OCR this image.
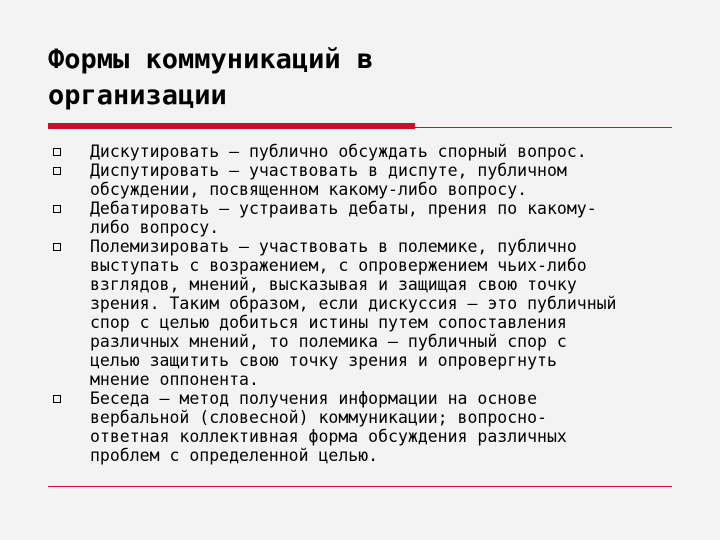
Формы коммуникаций в
организации
Дискутировать — публично обсуждать спорный вопрос.
Диспутировать — участвовать в диспуте, публичном
обсуждении, посвященном какому-либо вопросу.
Дебатировать — устраивать дебаты, прения по какому-
либо вопросу.
Полемизировать — участвовать в полемике, публично
выступать с возражением, с опровержением чьих-либо
взглядов, мнений, высказывая и защищая свою точку
зрения. Таким образом, если дискуссия — это публичный
спор с целью добиться истины путем сопоставления
различных мнений, то полемика — публичный спор с
целью защитить свою точку зрения и опровергнуть
мнение оппонента.
Беседа — метод получения информации на основе
вербальной (словесной) коммуникации; вопросно-
ответная коллективная форма обсуждения различных
проблем с определенной целью.
